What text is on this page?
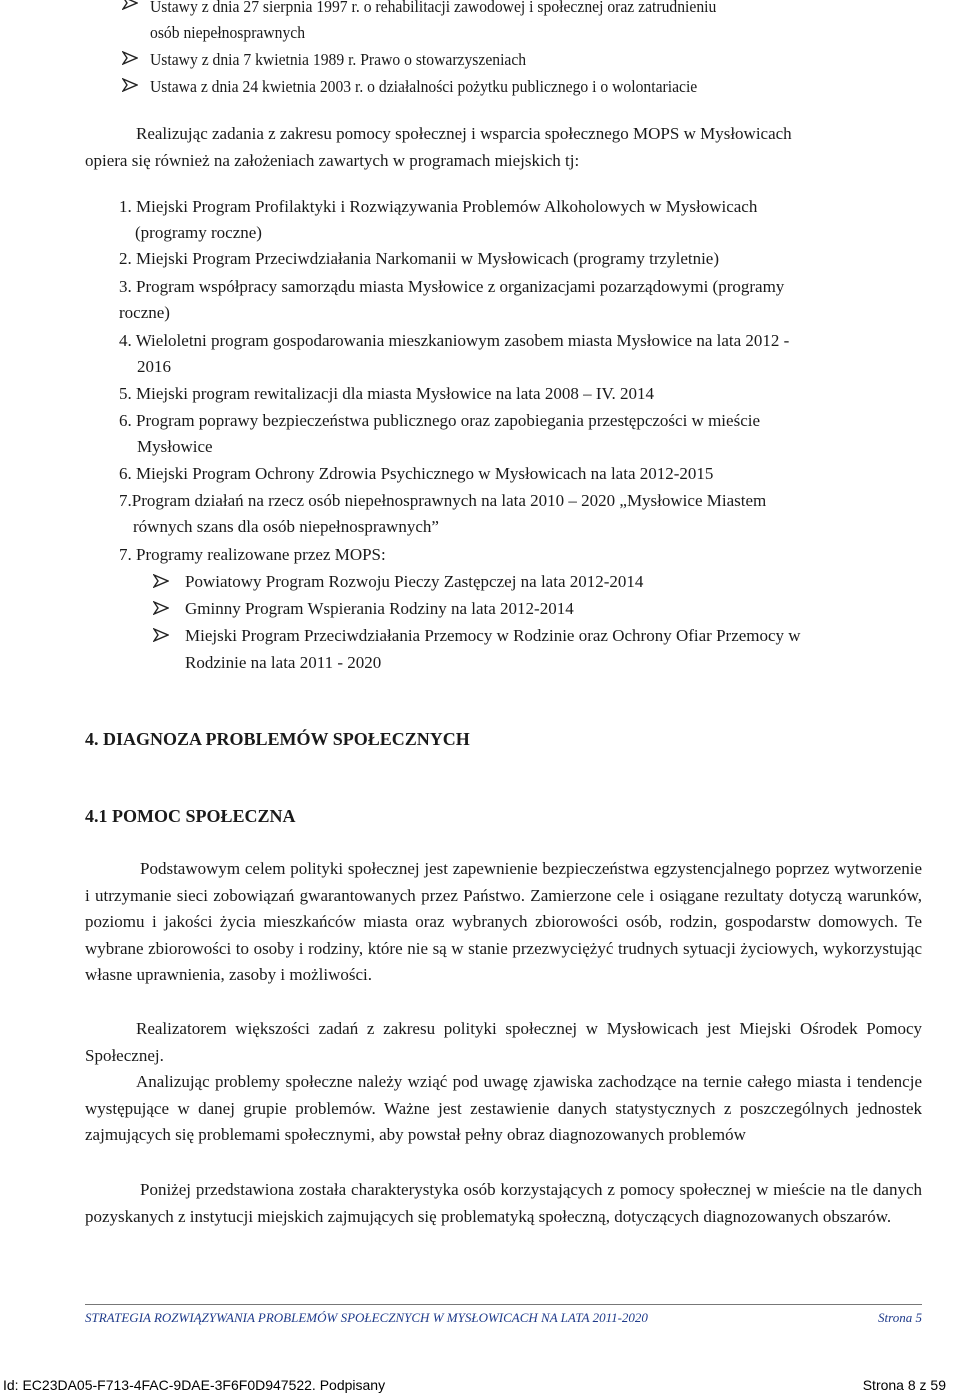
Ustawy z dnia 27 sierpnia 1997 r. o rehabilitacji zawodowej i społecznej oraz zatrudnieniu
osób niepełnosprawnych
Ustawy z dnia 7 kwietnia 1989 r. Prawo o stowarzyszeniach
Ustawa z dnia 24 kwietnia 2003 r. o działalności pożytku publicznego i o wolontariacie
Realizując zadania z zakresu pomocy społecznej i wsparcia społecznego MOPS w Mysłowicach
opiera się również na założeniach zawartych w programach miejskich tj:
1. Miejski Program Profilaktyki i Rozwiązywania Problemów Alkoholowych w Mysłowicach
(programy roczne)
2. Miejski Program Przeciwdziałania Narkomanii w Mysłowicach (programy trzyletnie)
3. Program współpracy samorządu miasta Mysłowice z organizacjami pozarządowymi (programy
roczne)
4. Wieloletni program gospodarowania mieszkaniowym zasobem miasta Mysłowice na lata 2012 -
2016
5. Miejski program rewitalizacji dla miasta Mysłowice na lata 2008 – IV. 2014
6. Program poprawy bezpieczeństwa publicznego oraz zapobiegania przestępczości w mieście
Mysłowice
6. Miejski Program Ochrony Zdrowia Psychicznego w Mysłowicach na lata 2012-2015
7.Program działań na rzecz osób niepełnosprawnych na lata 2010 – 2020 „Mysłowice Miastem
równych szans dla osób niepełnosprawnych”
7. Programy realizowane przez MOPS:
Powiatowy Program Rozwoju Pieczy Zastępczej na lata 2012-2014
Gminny Program Wspierania Rodziny na lata 2012-2014
Miejski Program Przeciwdziałania Przemocy w Rodzinie oraz Ochrony Ofiar Przemocy w
Rodzinie na lata 2011 - 2020
4. DIAGNOZA PROBLEMÓW SPOŁECZNYCH
4.1 POMOC SPOŁECZNA

Podstawowym celem polityki społecznej jest zapewnienie bezpieczeństwa egzystencjalnego poprzez wytworzenie i utrzymanie sieci zobowiązań gwarantowanych przez Państwo. Zamierzone cele i osiągane rezultaty dotyczą warunków, poziomu i jakości życia mieszkańców miasta oraz wybranych zbiorowości osób, rodzin, gospodarstw domowych. Te wybrane zbiorowości to osoby i rodziny, które nie są w stanie przezwyciężyć trudnych sytuacji życiowych, wykorzystując własne uprawnienia, zasoby i możliwości.

Realizatorem większości zadań z zakresu polityki społecznej w Mysłowicach jest Miejski Ośrodek Pomocy Społecznej.

Analizując problemy społeczne należy wziąć pod uwagę zjawiska zachodzące na ternie całego miasta i tendencje występujące w danej grupie problemów. Ważne jest zestawienie danych statystycznych z poszczególnych jednostek zajmujących się problemami społecznymi, aby powstał pełny obraz diagnozowanych problemów

Poniżej przedstawiona została charakterystyka osób korzystających z pomocy społecznej w mieście na tle danych pozyskanych z instytucji miejskich zajmujących się problematyką społeczną, dotyczących diagnozowanych obszarów.

STRATEGIA ROZWIĄZYWANIA PROBLEMÓW SPOŁECZNYCH W MYSŁOWICACH NA LATA 2011-2020	Strona 5
Id: EC23DA05-F713-4FAC-9DAE-3F6F0D947522. Podpisany	Strona 8 z 59
